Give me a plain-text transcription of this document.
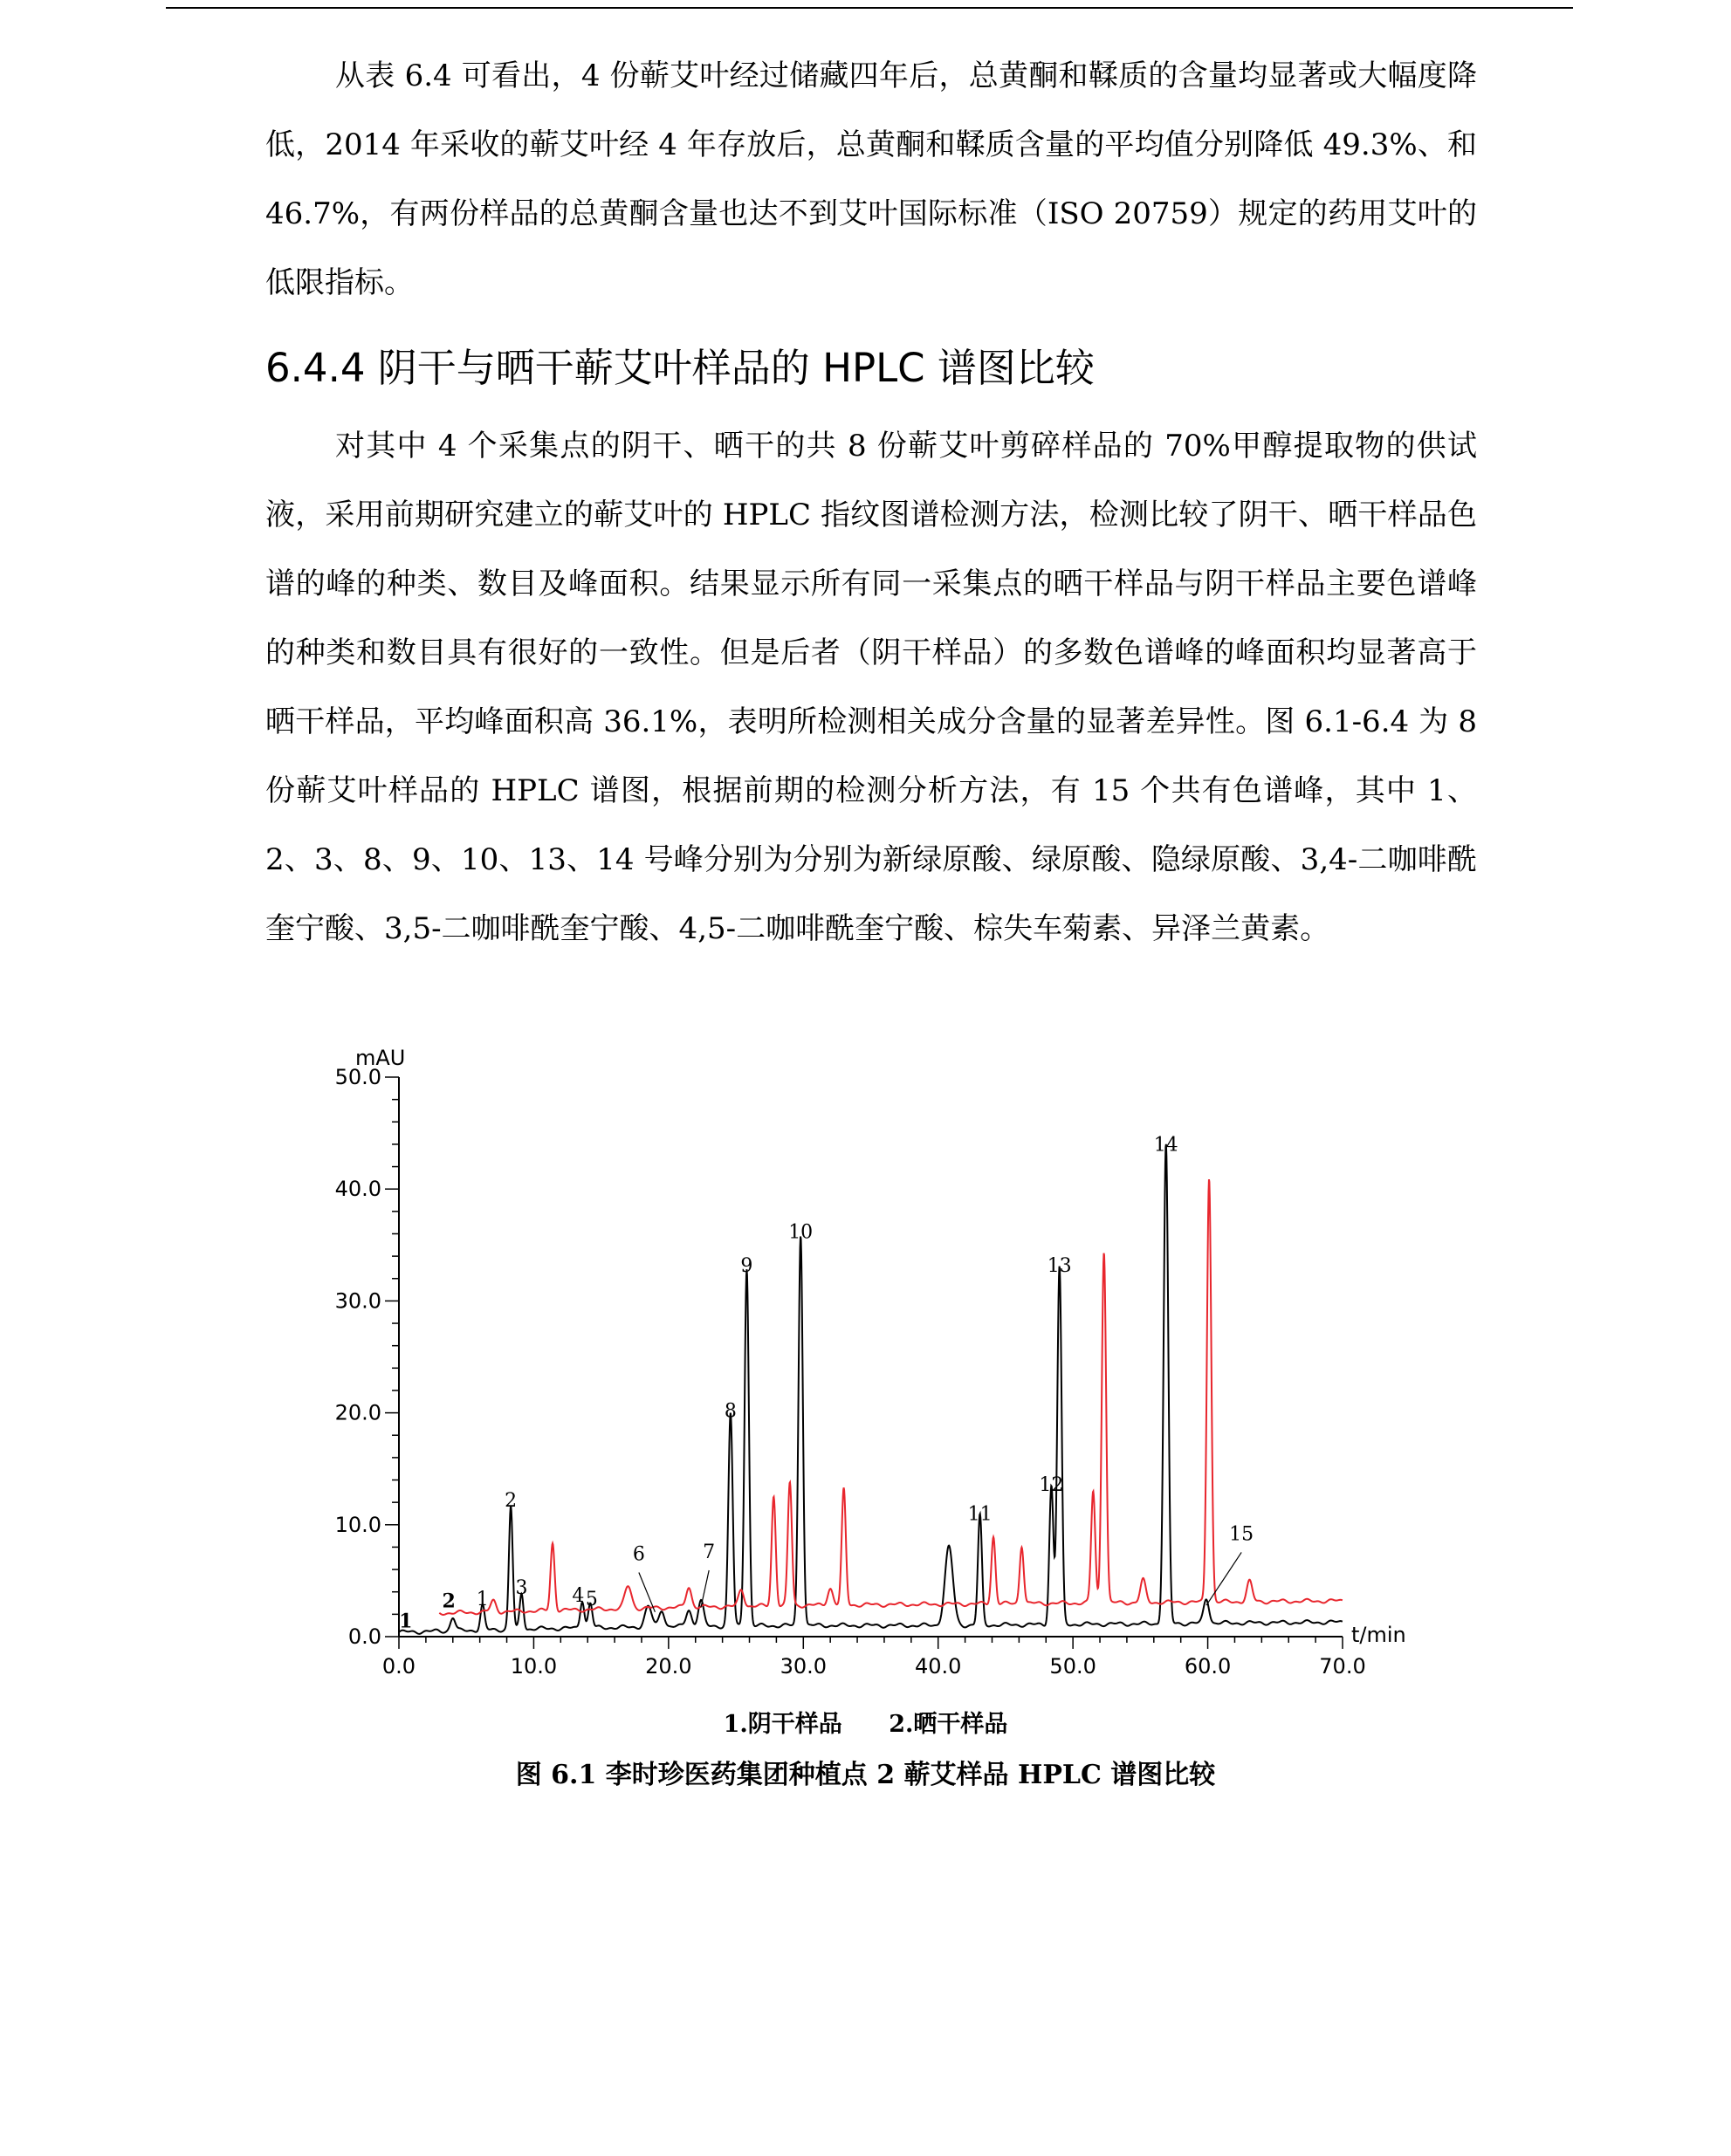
从表 6.4 可看出，4 份蕲艾叶经过储藏四年后，总黄酮和鞣质的含量均显著或大幅度降低，2014 年采收的蕲艾叶经 4 年存放后，总黄酮和鞣质含量的平均值分别降低 49.3%、和 46.7%，有两份样品的总黄酮含量也达不到艾叶国际标准（ISO 20759）规定的药用艾叶的低限指标。

6.4.4 阴干与晒干蕲艾叶样品的 HPLC 谱图比较

对其中 4 个采集点的阴干、晒干的共 8 份蕲艾叶剪碎样品的 70%甲醇提取物的供试液，采用前期研究建立的蕲艾叶的 HPLC 指纹图谱检测方法，检测比较了阴干、晒干样品色谱的峰的种类、数目及峰面积。结果显示所有同一采集点的晒干样品与阴干样品主要色谱峰的种类和数目具有很好的一致性。但是后者（阴干样品）的多数色谱峰的峰面积均显著高于晒干样品，平均峰面积高 36.1%，表明所检测相关成分含量的显著差异性。图 6.1-6.4 为 8 份蕲艾叶样品的 HPLC 谱图，根据前期的检测分析方法，有 15 个共有色谱峰，其中 1、2、3、8、9、10、13、14 号峰分别为分别为新绿原酸、绿原酸、隐绿原酸、3,4-二咖啡酰奎宁酸、3,5-二咖啡酰奎宁酸、4,5-二咖啡酰奎宁酸、棕失车菊素、异泽兰黄素。

mAU
t/min
0.0
10.0
20.0
30.0
40.0
50.0
0.0	10.0	20.0	30.0	40.0	50.0	60.0	70.0
1
2 1
2
3 4 5
6	7
8
9
10
11
12
13
14
15
1.阴干样品 2.晒干样品
图 6.1 李时珍医药集团种植点 2 蕲艾样品 HPLC 谱图比较
